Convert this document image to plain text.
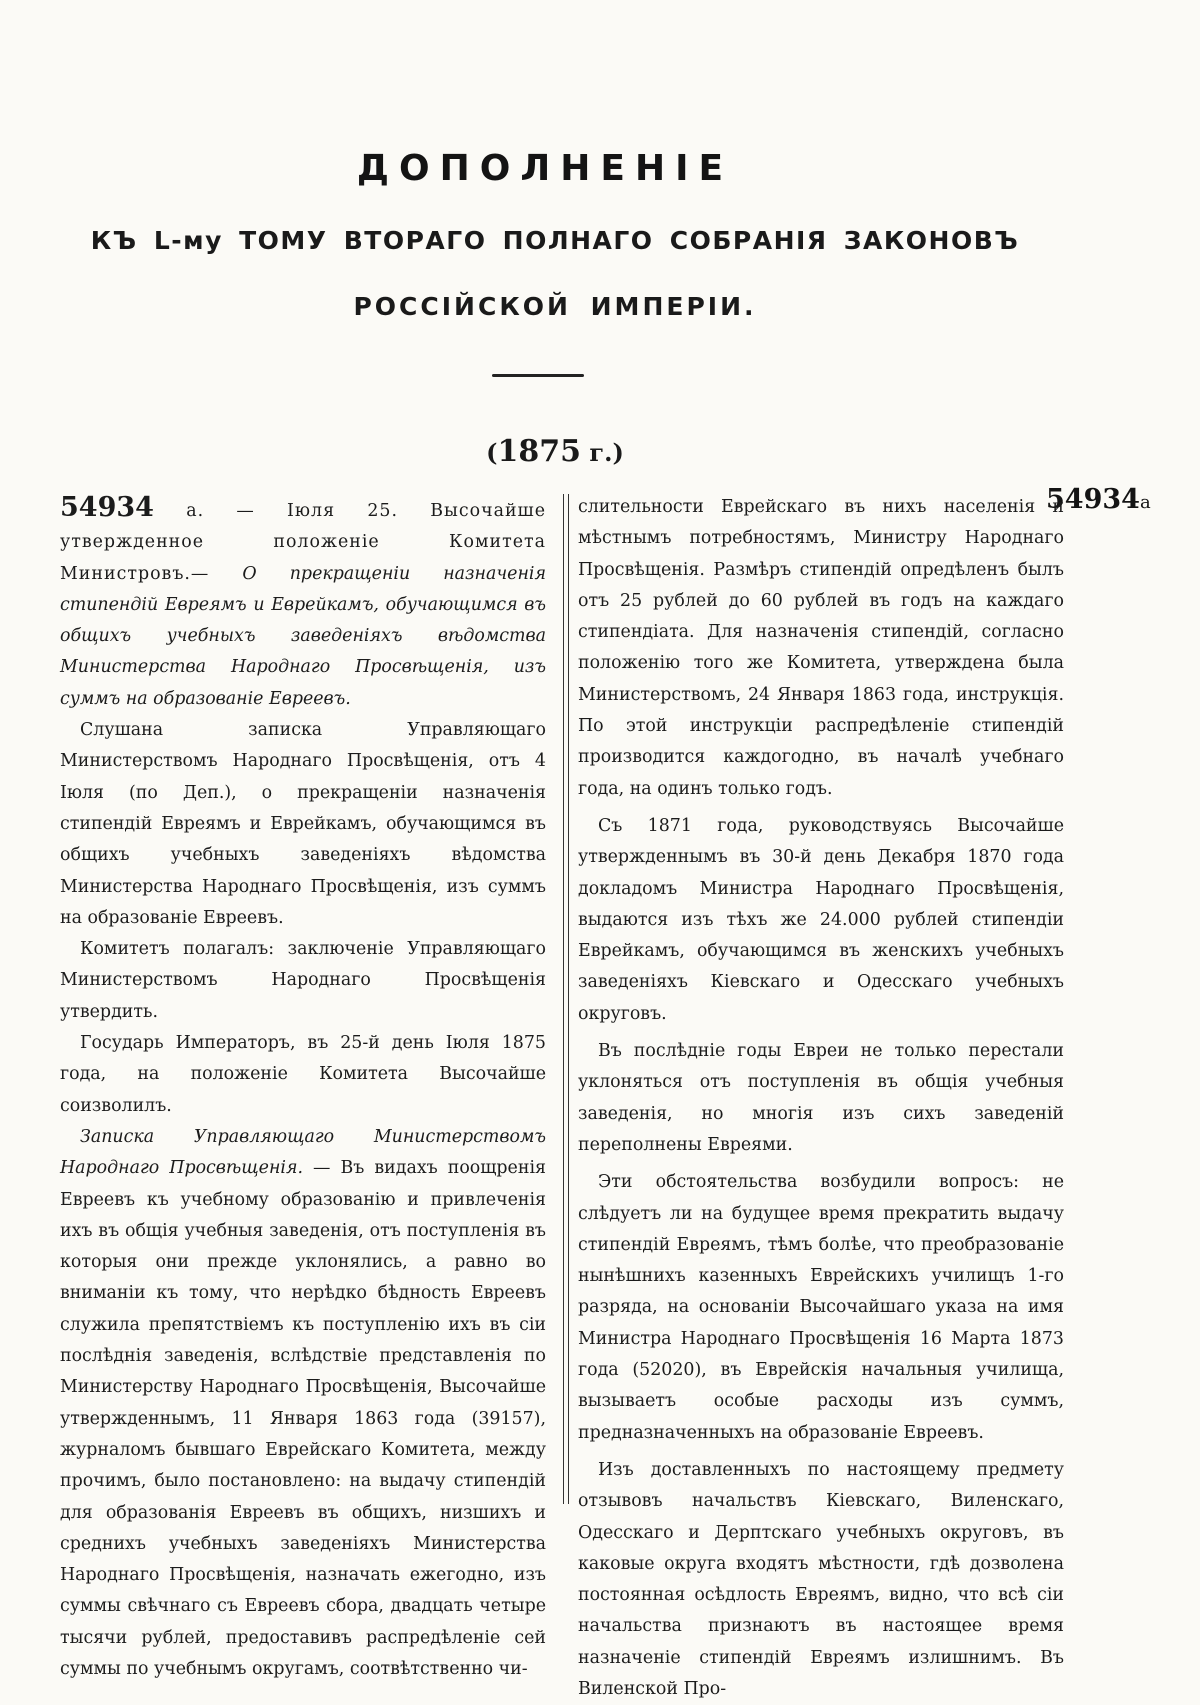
ДОПОЛНЕНІЕ
КЪ L-му ТОМУ ВТОРАГО ПОЛНАГО СОБРАНІЯ ЗАКОНОВЪ
РОССІЙСКОЙ ИМПЕРІИ.
(1875 г.)
54934а

54934 а. — Іюля 25. Высочайше утвержденное положеніе Комитета Министровъ.— О прекращеніи назначенія стипендій Евреямъ и Еврейкамъ, обучающимся въ общихъ учебныхъ заведеніяхъ вѣдомства Министерства Народнаго Просвѣщенія, изъ суммъ на образованіе Евреевъ.

Слушана записка Управляющаго Министерствомъ Народнаго Просвѣщенія, отъ 4 Іюля (по Деп.), о прекращеніи назначенія стипендій Евреямъ и Еврейкамъ, обучающимся въ общихъ учебныхъ заведеніяхъ вѣдомства Министерства Народнаго Просвѣщенія, изъ суммъ на образованіе Евреевъ.

Комитетъ полагалъ: заключеніе Управляющаго Министерствомъ Народнаго Просвѣщенія утвердить.

Государь Императоръ, въ 25-й день Іюля 1875 года, на положеніе Комитета Высочайше соизволилъ.

Записка Управляющаго Министерствомъ Народнаго Просвѣщенія. — Въ видахъ поощренія Евреевъ къ учебному образованію и привлеченія ихъ въ общія учебныя заведенія, отъ поступленія въ которыя они прежде уклонялись, а равно во вниманіи къ тому, что нерѣдко бѣдность Евреевъ служила препятствіемъ къ поступленію ихъ въ сіи послѣднія заведенія, вслѣдствіе представленія по Министерству Народнаго Просвѣщенія, Высочайше утвержденнымъ, 11 Января 1863 года (39157), журналомъ бывшаго Еврейскаго Комитета, между прочимъ, было постановлено: на выдачу стипендій для образованія Евреевъ въ общихъ, низшихъ и среднихъ учебныхъ заведеніяхъ Министерства Народнаго Просвѣщенія, назначать ежегодно, изъ суммы свѣчнаго съ Евреевъ сбора, двадцать четыре тысячи рублей, предоставивъ распредѣленіе сей суммы по учебнымъ округамъ, соотвѣтственно чи-

слительности Еврейскаго въ нихъ населенія и мѣстнымъ потребностямъ, Министру Народнаго Просвѣщенія. Размѣръ стипендій опредѣленъ былъ отъ 25 рублей до 60 рублей въ годъ на каждаго стипендіата. Для назначенія стипендій, согласно положенію того же Комитета, утверждена была Министерствомъ, 24 Января 1863 года, инструкція. По этой инструкціи распредѣленіе стипендій производится каждогодно, въ началѣ учебнаго года, на одинъ только годъ.

Съ 1871 года, руководствуясь Высочайше утвержденнымъ въ 30-й день Декабря 1870 года докладомъ Министра Народнаго Просвѣщенія, выдаются изъ тѣхъ же 24.000 рублей стипендіи Еврейкамъ, обучающимся въ женскихъ учебныхъ заведеніяхъ Кіевскаго и Одесскаго учебныхъ округовъ.

Въ послѣдніе годы Евреи не только перестали уклоняться отъ поступленія въ общія учебныя заведенія, но многія изъ сихъ заведеній переполнены Евреями.

Эти обстоятельства возбудили вопросъ: не слѣдуетъ ли на будущее время прекратить выдачу стипендій Евреямъ, тѣмъ болѣе, что преобразованіе нынѣшнихъ казенныхъ Еврейскихъ училищъ 1-го разряда, на основаніи Высочайшаго указа на имя Министра Народнаго Просвѣщенія 16 Марта 1873 года (52020), въ Еврейскія начальныя училища, вызываетъ особые расходы изъ суммъ, предназначенныхъ на образованіе Евреевъ.

Изъ доставленныхъ по настоящему предмету отзывовъ начальствъ Кіевскаго, Виленскаго, Одесскаго и Дерптскаго учебныхъ округовъ, въ каковые округа входятъ мѣстности, гдѣ дозволена постоянная осѣдлость Евреямъ, видно, что всѣ сіи начальства признаютъ въ настоящее время назначеніе стипендій Евреямъ излишнимъ. Въ Виленской Про-
